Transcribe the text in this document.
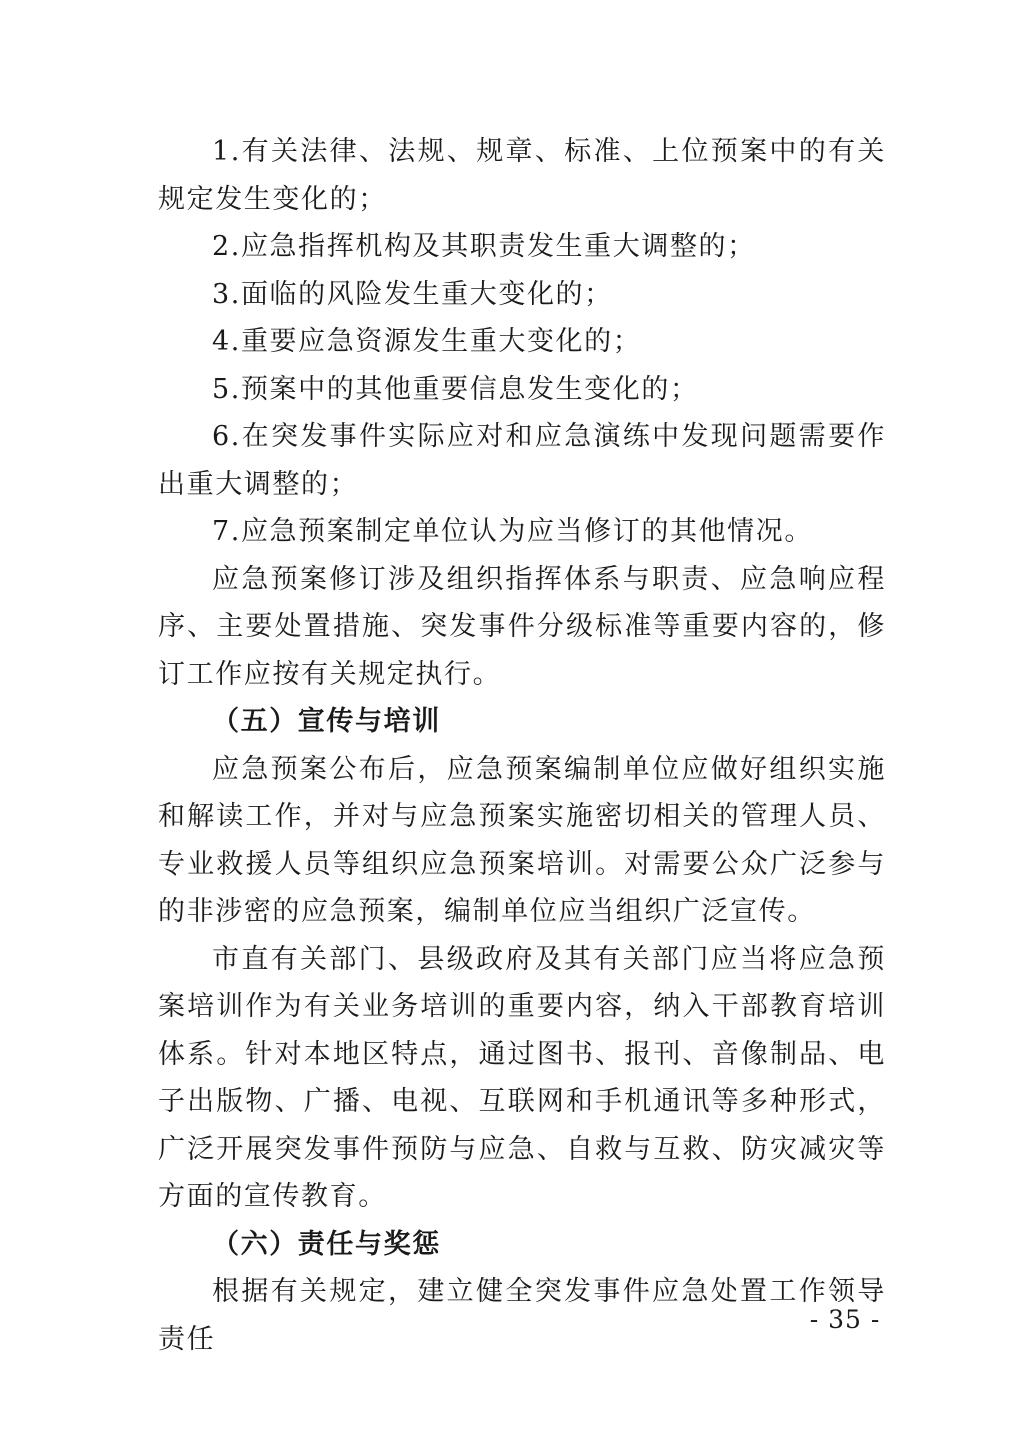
1.有关法律、法规、规章、标准、上位预案中的有关规定发生变化的；

2.应急指挥机构及其职责发生重大调整的；

3.面临的风险发生重大变化的；

4.重要应急资源发生重大变化的；

5.预案中的其他重要信息发生变化的；

6.在突发事件实际应对和应急演练中发现问题需要作出重大调整的；

7.应急预案制定单位认为应当修订的其他情况。

应急预案修订涉及组织指挥体系与职责、应急响应程序、主要处置措施、突发事件分级标准等重要内容的，修订工作应按有关规定执行。

（五）宣传与培训

应急预案公布后，应急预案编制单位应做好组织实施和解读工作，并对与应急预案实施密切相关的管理人员、专业救援人员等组织应急预案培训。对需要公众广泛参与的非涉密的应急预案，编制单位应当组织广泛宣传。

市直有关部门、县级政府及其有关部门应当将应急预案培训作为有关业务培训的重要内容，纳入干部教育培训体系。针对本地区特点，通过图书、报刊、音像制品、电子出版物、广播、电视、互联网和手机通讯等多种形式，广泛开展突发事件预防与应急、自救与互救、防灾减灾等方面的宣传教育。

（六）责任与奖惩

根据有关规定，建立健全突发事件应急处置工作领导责任

- 35 -
